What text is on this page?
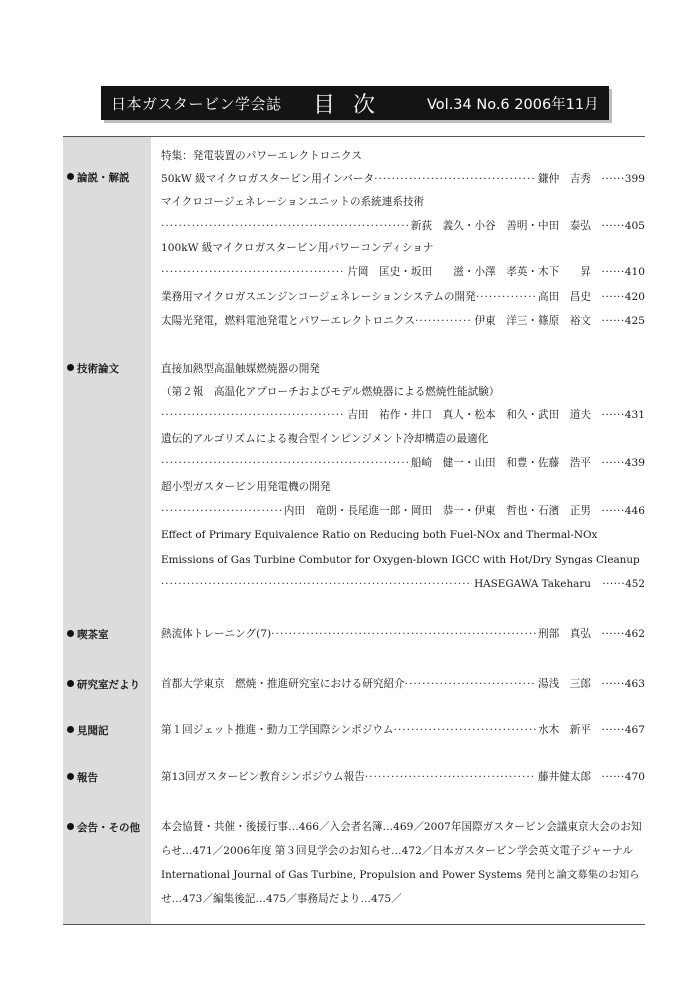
日本ガスタービン学会誌 目次 Vol.34 No.6 2006年11月
論説・解説
特集：発電装置のパワーエレクトロニクス
50kW 級マイクロガスタービン用インバータ ·····	鎌仲　吉秀	······ 399
マイクロコージェネレーションユニットの系統連系技術
·····
新荻　義久・小谷　善明・中田　泰弘	······ 405
100kW 級マイクロガスタービン用パワーコンディショナ
·····
片岡　匡史・坂田　　滋・小澤　孝英・木下　　昇	······ 410
業務用マイクロガスエンジンコージェネレーションシステムの開発 ·····	高田　昌史	······ 420
太陽光発電，燃料電池発電とパワーエレクトロニクス ·····	伊東　洋三・篠原　裕文	······ 425
技術論文	直接加熱型高温触媒燃焼器の開発
（第２報　高温化アプローチおよびモデル燃焼器による燃焼性能試験）
·····
吉田　祐作・井口　真人・松本　和久・武田　道夫	······ 431
遺伝的アルゴリズムによる複合型インピンジメント冷却構造の最適化
·····
船崎　健一・山田　和豊・佐藤　浩平	······ 439
超小型ガスタービン用発電機の開発
·····
内田　竜朗・長尾進一郎・岡田　恭一・伊東　哲也・石濱　正男	······ 446
Effect of Primary Equivalence Ratio on Reducing both Fuel-NOx and Thermal-NOx
Emissions of Gas Turbine Combutor for Oxygen-blown IGCC with Hot/Dry Syngas Cleanup
·····
HASEGAWA Takeharu	······ 452
喫茶室	熱流体トレーニング(7) ·····	刑部　真弘	······ 462
研究室だより	首都大学東京　燃焼・推進研究室における研究紹介 ·····	湯浅　三郎	······ 463
見聞記	第１回ジェット推進・動力工学国際シンポジウム ·····	水木　新平	······ 467
報告	第13回ガスタービン教育シンポジウム報告 ·····	藤井健太郎	······ 470
会告・その他	本会協賛・共催・後援行事…466／入会者名簿…469／2007年国際ガスタービン会議東京大会のお知
らせ…471／2006年度 第３回見学会のお知らせ…472／日本ガスタービン学会英文電子ジャーナル
International Journal of Gas Turbine, Propulsion and Power Systems 発刊と論文募集のお知ら
せ…473／編集後記…475／事務局だより…475／
